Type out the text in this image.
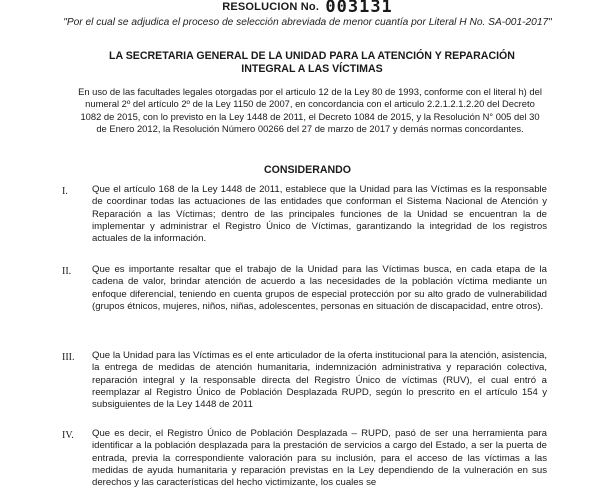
RESOLUCION No. 003131
"Por el cual se adjudica el proceso de selección abreviada de menor cuantía por Literal H No. SA-001-2017"
LA SECRETARIA GENERAL DE LA UNIDAD PARA LA ATENCIÓN Y REPARACIÓN INTEGRAL A LAS VÍCTIMAS
En uso de las facultades legales otorgadas por el articulo 12 de la Ley 80 de 1993, conforme con el literal h) del numeral 2º del artículo 2º de la Ley 1150 de 2007, en concordancia con el articulo 2.2.1.2.1.2.20 del Decreto 1082 de 2015, con lo previsto en la Ley 1448 de 2011, el Decreto 1084 de 2015, y la Resolución N° 005 del 30 de Enero 2012, la Resolución Número 00266 del 27 de marzo de 2017 y demás normas concordantes.
CONSIDERANDO
I.	Que el artículo 168 de la Ley 1448 de 2011, establece que la Unidad para las Víctimas es la responsable de coordinar todas las actuaciones de las entidades que conforman el Sistema Nacional de Atención y Reparación a las Víctimas; dentro de las principales funciones de la Unidad se encuentran la de implementar y administrar el Registro Único de Víctimas, garantizando la integridad de los registros actuales de la información.
II. Que es importante resaltar que el trabajo de la Unidad para las Víctimas busca, en cada etapa de la cadena de valor, brindar atención de acuerdo a las necesidades de la población víctima mediante un enfoque diferencial, teniendo en cuenta grupos de especial protección por su alto grado de vulnerabilidad (grupos étnicos, mujeres, niños, niñas, adolescentes, personas en situación de discapacidad, entre otros).
III. Que la Unidad para las Víctimas es el ente articulador de la oferta institucional para la atención, asistencia, la entrega de medidas de atención humanitaria, indemnización administrativa y reparación colectiva, reparación integral y la responsable directa del Registro Único de víctimas (RUV), el cual entró a reemplazar al Registro Único de Población Desplazada RUPD, según lo prescrito en el artículo 154 y subsiguientes de la Ley 1448 de 2011
IV. Que es decir, el Registro Único de Población Desplazada – RUPD, pasó de ser una herramienta para identificar a la población desplazada para la prestación de servicios a cargo del Estado, a ser la puerta de entrada, previa la correspondiente valoración para su inclusión, para el acceso de las víctimas a las medidas de ayuda humanitaria y reparación previstas en la Ley dependiendo de la vulneración en sus derechos y las características del hecho victimizante, los cuales se
